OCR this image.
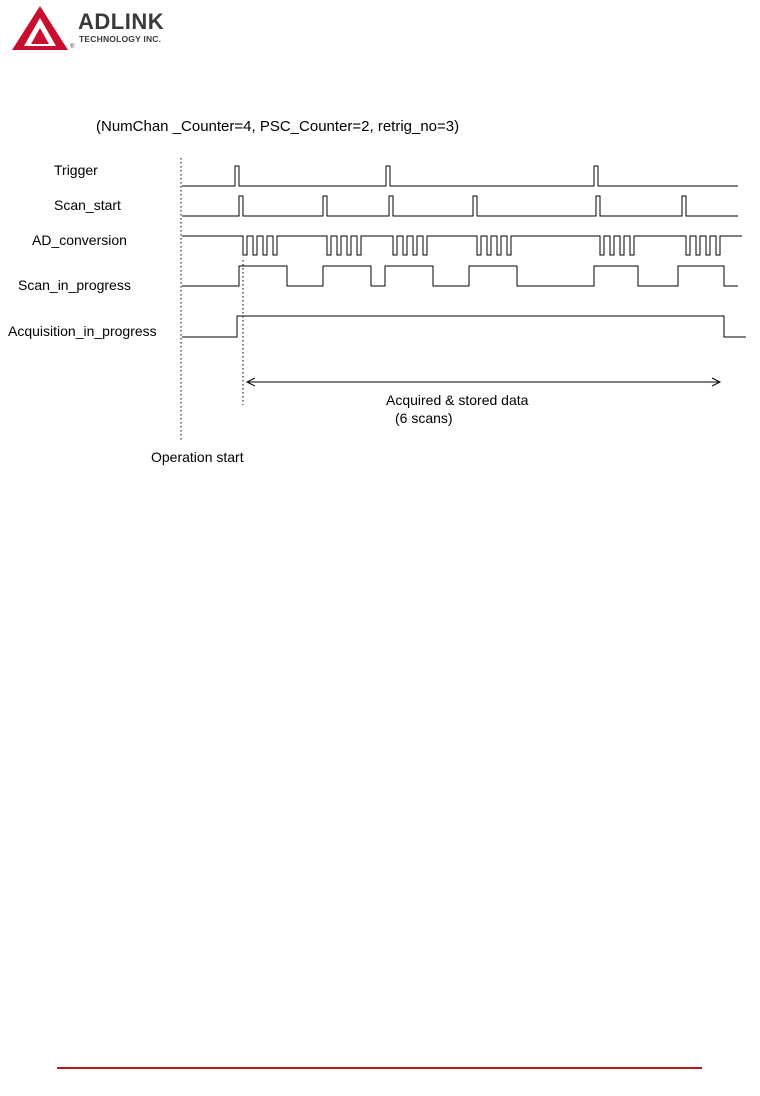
ADLINK
TECHNOLOGY INC.
®
(NumChan _Counter=4, PSC_Counter=2, retrig_no=3)
Trigger
Scan_start
AD_conversion
Scan_in_progress
Acquisition_in_progress
Acquired & stored data
(6 scans)
Operation start
